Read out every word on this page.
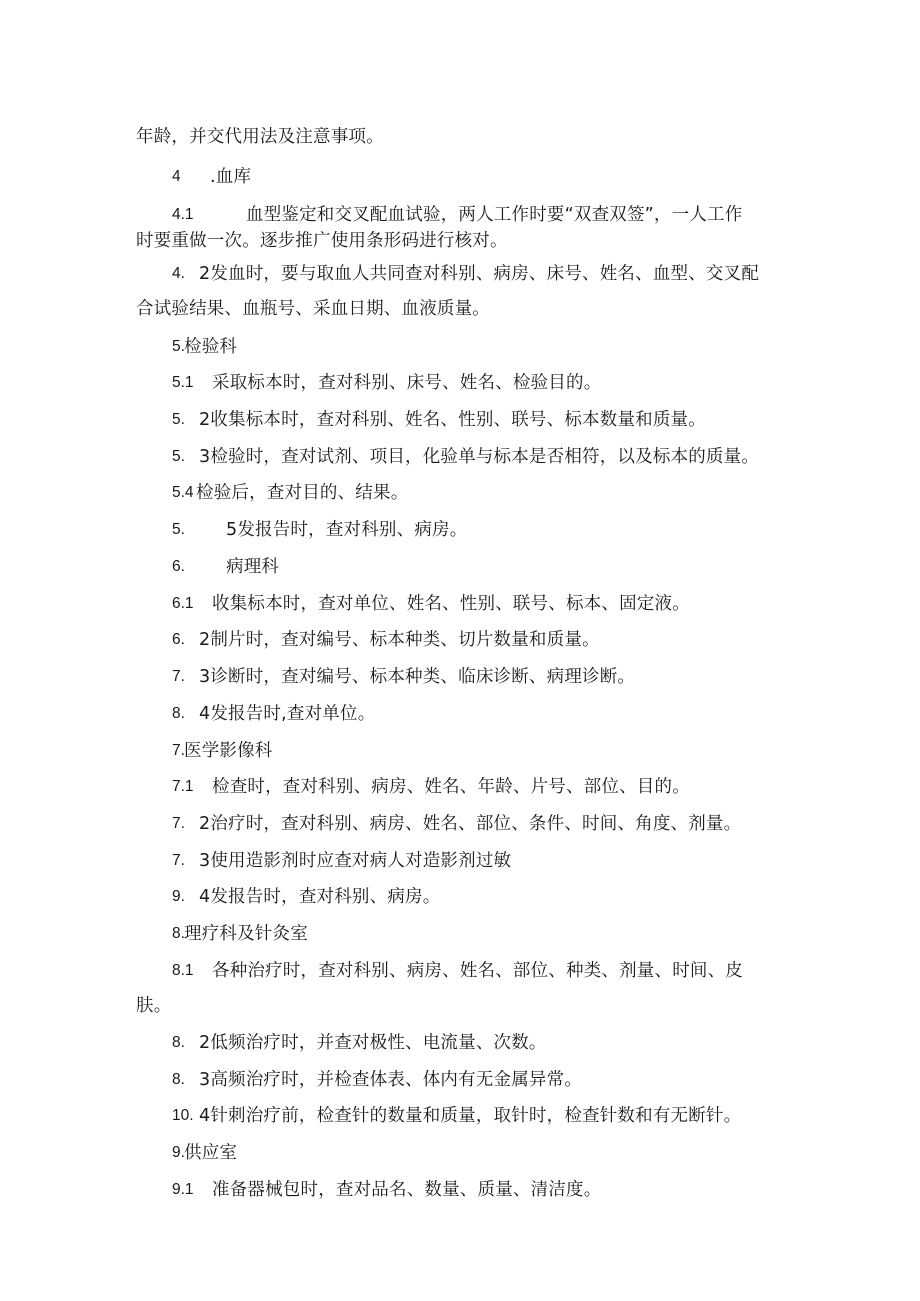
年龄，并交代用法及注意事项。
4 .血库
4.1	血型鉴定和交叉配血试验，两人工作时要“双查双签”，一人工作
时要重做一次。逐步推广使用条形码进行核对。
4. 2发血时，要与取血人共同查对科别、病房、床号、姓名、血型、交叉配
合试验结果、血瓶号、采血日期、血液质量。
5. 检验科
5.1 采取标本时，查对科别、床号、姓名、检验目的。
5. 2收集标本时，查对科别、姓名、性别、联号、标本数量和质量。
5. 3检验时，查对试剂、项目，化验单与标本是否相符，以及标本的质量。
5.4 检验后，查对目的、结果。
5. 5发报告时，查对科别、病房。
6. 病理科
6.1 收集标本时，查对单位、姓名、性别、联号、标本、固定液。
6. 2制片时，查对编号、标本种类、切片数量和质量。
7. 3诊断时，查对编号、标本种类、临床诊断、病理诊断。
8. 4发报告时,查对单位。
7. 医学影像科
7.1 检查时，查对科别、病房、姓名、年龄、片号、部位、目的。
7. 2治疗时，查对科别、病房、姓名、部位、条件、时间、角度、剂量。
7. 3使用造影剂时应查对病人对造影剂过敏
9. 4发报告时，查对科别、病房。
8. 理疗科及针灸室
8.1 各种治疗时，查对科别、病房、姓名、部位、种类、剂量、时间、皮
肤。
8. 2低频治疗时，并查对极性、电流量、次数。
8. 3高频治疗时，并检查体表、体内有无金属异常。
10. 4针刺治疗前，检查针的数量和质量，取针时，检查针数和有无断针。
9. 供应室
9.1 准备器械包时，查对品名、数量、质量、清洁度。
